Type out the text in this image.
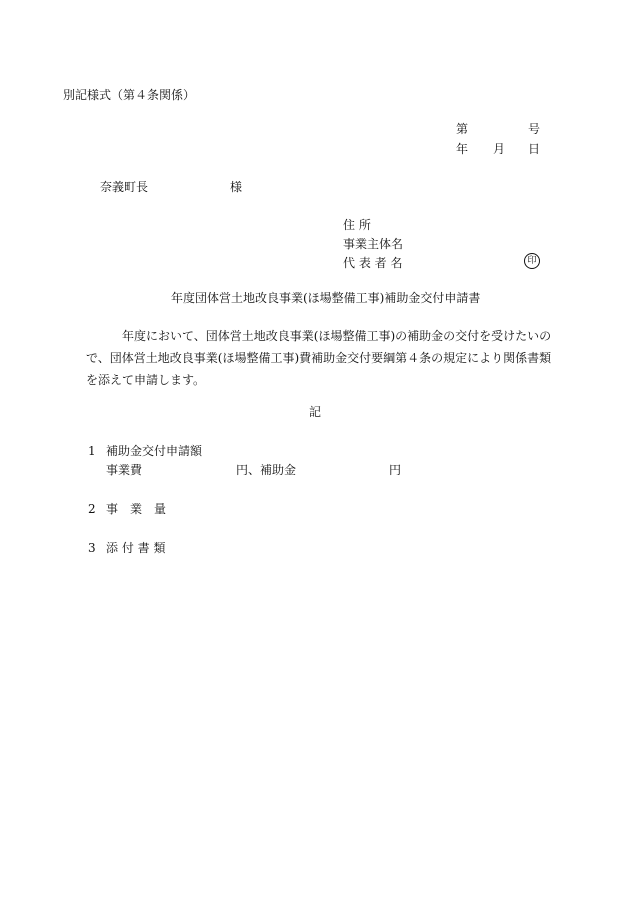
別記様式（第４条関係）
第	号
年 月 日
奈義町長	様
住 所
事業主体名
代 表 者 名	印
年度団体営土地改良事業(ほ場整備工事)補助金交付申請書
年度において、団体営土地改良事業(ほ場整備工事)の補助金の交付を受けたいの
で、団体営土地改良事業(ほ場整備工事)費補助金交付要綱第４条の規定により関係書類
を添えて申請します。
記
1 補助金交付申請額
事業費	円、補助金	円
2 事　業　量
3 添 付 書 類
